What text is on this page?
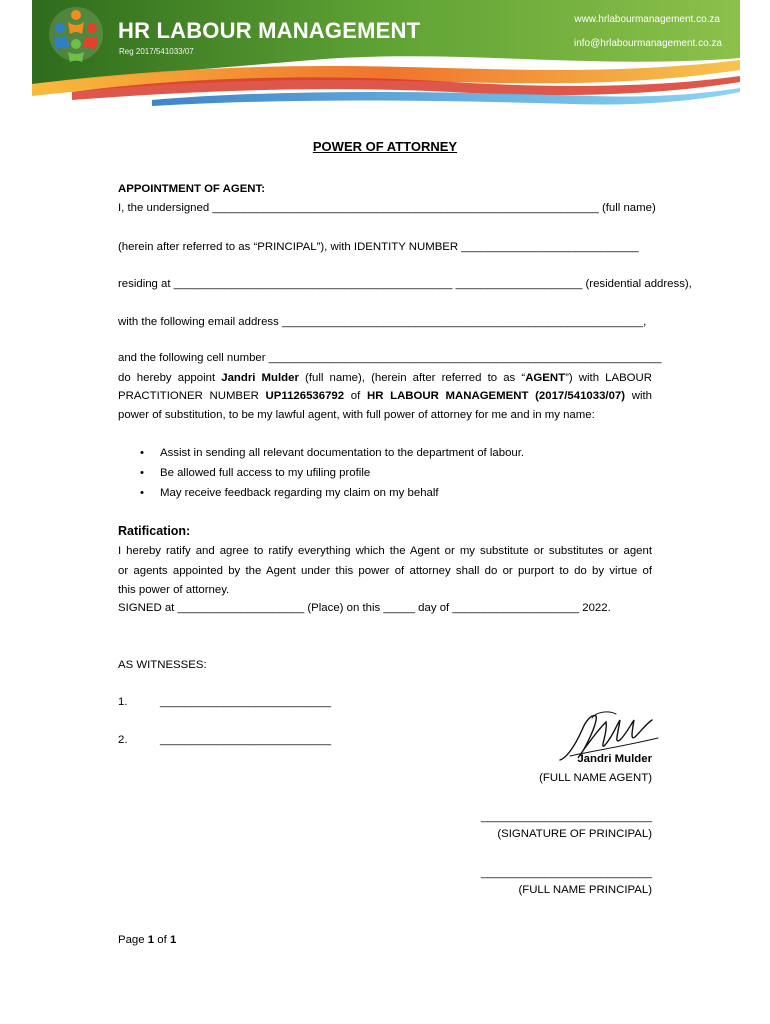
HR LABOUR MANAGEMENT
Reg 2017/541033/07
www.hrlabourmanagement.co.za
info@hrlabourmanagement.co.za
POWER OF ATTORNEY
APPOINTMENT OF AGENT:
I, the undersigned _____________________________________________________________ (full name)
(herein after referred to as “PRINCIPAL”), with IDENTITY NUMBER ____________________________
residing at ____________________________________________ ____________________ (residential address),
with the following email address _________________________________________________________,
and the following cell number ______________________________________________________________
do hereby appoint Jandri Mulder (full name), (herein after referred to as “AGENT”) with LABOUR
PRACTITIONER NUMBER UP1126536792 of HR LABOUR MANAGEMENT (2017/541033/07) with
power of substitution, to be my lawful agent, with full power of attorney for me and in my name:
• Assist in sending all relevant documentation to the department of labour.
• Be allowed full access to my ufiling profile
• May receive feedback regarding my claim on my behalf
Ratification:
I hereby ratify and agree to ratify everything which the Agent or my substitute or substitutes or agent
or agents appointed by the Agent under this power of attorney shall do or purport to do by virtue of
this power of attorney.
SIGNED at ____________________ (Place) on this _____ day of ____________________ 2022.
AS WITNESSES:
1.	___________________________
2.	___________________________
Jandri Mulder
(FULL NAME AGENT)
___________________________
(SIGNATURE OF PRINCIPAL)
___________________________
(FULL NAME PRINCIPAL)
Page 1 of 1
